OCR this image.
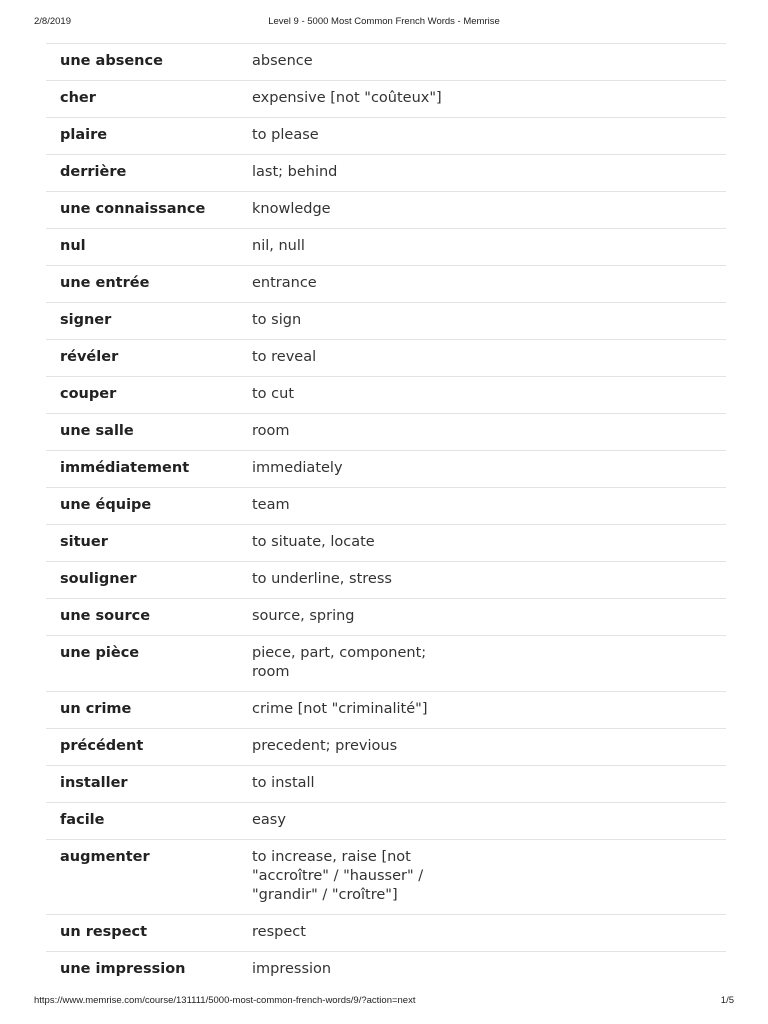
2/8/2019	Level 9 - 5000 Most Common French Words - Memrise
une absence	absence
cher	expensive [not "coûteux"]
plaire	to please
derrière	last; behind
une connaissance	knowledge
nul	nil, null
une entrée	entrance
signer	to sign
révéler	to reveal
couper	to cut
une salle	room
immédiatement	immediately
une équipe	team
situer	to situate, locate
souligner	to underline, stress
une source	source, spring
une pièce	piece, part, component; room
un crime	crime [not "criminalité"]
précédent	precedent; previous
installer	to install
facile	easy
augmenter	to increase, raise [not "accroître" / "hausser" / "grandir" / "croître"]
un respect	respect
une impression	impression
https://www.memrise.com/course/131111/5000-most-common-french-words/9/?action=next	1/5
